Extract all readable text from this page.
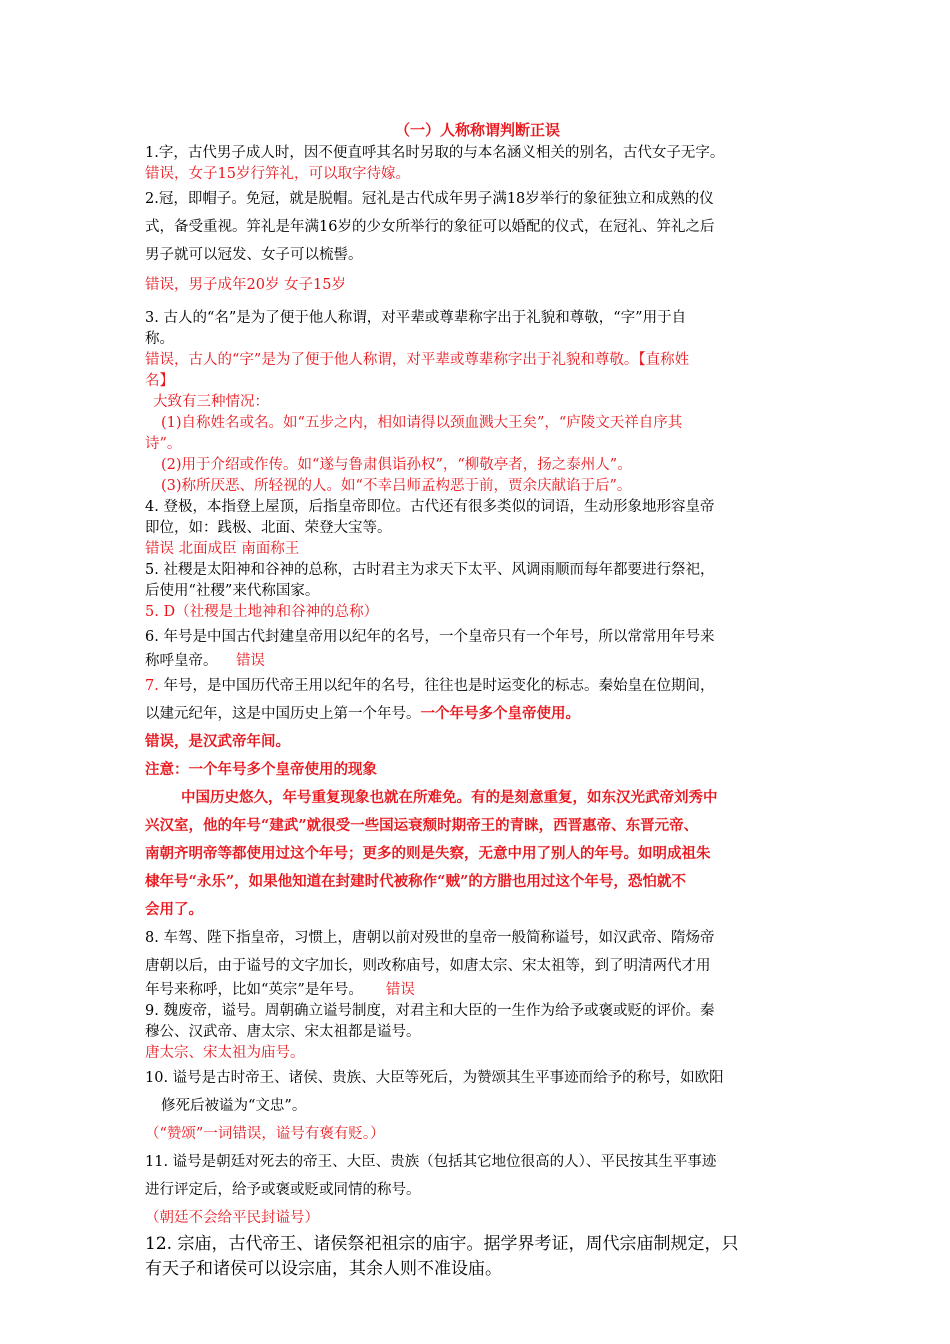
（一）人称称谓判断正误

1.字，古代男子成人时，因不便直呼其名时另取的与本名涵义相关的别名，古代女子无字。

错误，女子15岁行笄礼，可以取字待嫁。

2.冠，即帽子。免冠，就是脱帽。冠礼是古代成年男子满18岁举行的象征独立和成熟的仪

式，备受重视。笄礼是年满16岁的少女所举行的象征可以婚配的仪式，在冠礼、笄礼之后

男子就可以冠发、女子可以梳髻。

错误，男子成年20岁 女子15岁

3. 古人的“名”是为了便于他人称谓，对平辈或尊辈称字出于礼貌和尊敬，“字”用于自

称。

错误，古人的“字”是为了便于他人称谓，对平辈或尊辈称字出于礼貌和尊敬。【直称姓

名】

大致有三种情况：

(1)自称姓名或名。如“五步之内，相如请得以颈血溅大王矣”，“庐陵文天祥自序其

诗”。

(2)用于介绍或作传。如“遂与鲁肃俱诣孙权”，“柳敬亭者，扬之泰州人”。

(3)称所厌恶、所轻视的人。如“不幸吕师孟构恶于前，贾余庆献谄于后”。

4. 登极，本指登上屋顶，后指皇帝即位。古代还有很多类似的词语，生动形象地形容皇帝

即位，如：践极、北面、荣登大宝等。

错误 北面成臣 南面称王

5. 社稷是太阳神和谷神的总称，古时君主为求天下太平、风调雨顺而每年都要进行祭祀，

后使用“社稷”来代称国家。

5. D（社稷是土地神和谷神的总称）

6. 年号是中国古代封建皇帝用以纪年的名号，一个皇帝只有一个年号，所以常常用年号来

称呼皇帝。 错误

7. 年号，是中国历代帝王用以纪年的名号，往往也是时运变化的标志。秦始皇在位期间，

以建元纪年，这是中国历史上第一个年号。一个年号多个皇帝使用。

错误，是汉武帝年间。

注意：一个年号多个皇帝使用的现象

中国历史悠久，年号重复现象也就在所难免。有的是刻意重复，如东汉光武帝刘秀中

兴汉室，他的年号“建武”就很受一些国运衰颓时期帝王的青睐，西晋惠帝、东晋元帝、

南朝齐明帝等都使用过这个年号；更多的则是失察，无意中用了别人的年号。如明成祖朱

棣年号“永乐”，如果他知道在封建时代被称作“贼”的方腊也用过这个年号，恐怕就不

会用了。

8. 车驾、陛下指皇帝，习惯上，唐朝以前对殁世的皇帝一般简称谥号，如汉武帝、隋炀帝

唐朝以后，由于谥号的文字加长，则改称庙号，如唐太宗、宋太祖等，到了明清两代才用

年号来称呼，比如“英宗”是年号。 错误

9. 魏废帝，谥号。周朝确立谥号制度，对君主和大臣的一生作为给予或褒或贬的评价。秦

穆公、汉武帝、唐太宗、宋太祖都是谥号。

唐太宗、宋太祖为庙号。

10. 谥号是古时帝王、诸侯、贵族、大臣等死后，为赞颂其生平事迹而给予的称号，如欧阳

修死后被谥为“文忠”。

（“赞颂”一词错误，谥号有褒有贬。）

11. 谥号是朝廷对死去的帝王、大臣、贵族（包括其它地位很高的人）、平民按其生平事迹

进行评定后，给予或褒或贬或同情的称号。

（朝廷不会给平民封谥号）

12. 宗庙，古代帝王、诸侯祭祀祖宗的庙宇。据学界考证，周代宗庙制规定，只

有天子和诸侯可以设宗庙，其余人则不准设庙。
